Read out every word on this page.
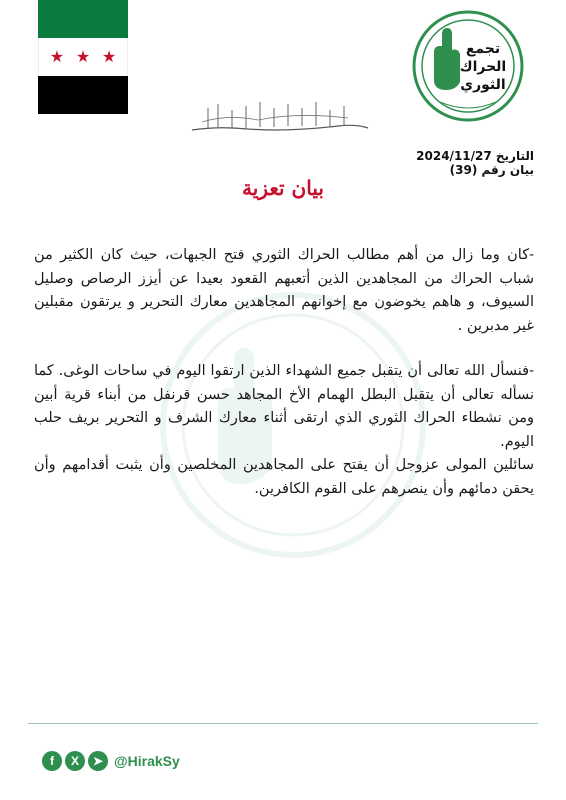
★ ★ ★	تجمع الحراك الثوري
التاريخ 2024/11/27
بيان رقم (39)
بيان تعزية

-كان وما زال من أهم مطالب الحراك الثوري فتح الجبهات، حيث كان الكثير من شباب الحراك من المجاهدين الذين أتعبهم القعود بعيدا عن أيزز الرصاص وصليل السيوف، و هاهم يخوضون مع إخوانهم المجاهدين معارك التحرير و يرتقون مقبلين غير مدبرين .

-فنسأل الله تعالى أن يتقبل جميع الشهداء الذين ارتقوا اليوم في ساحات الوغى. كما نسأله تعالى أن يتقبل البطل الهمام الأخ المجاهد حسن قرنفل من أبناء قرية أبين ومن نشطاء الحراك الثوري الذي ارتقى أثناء معارك الشرف و التحرير بريف حلب اليوم.

سائلين المولى عزوجل أن يفتح على المجاهدين المخلصين وأن يثبت أقدامهم وأن يحقن دمائهم وأن ينصرهم على القوم الكافرين.

f	X	➤ @HirakSy
